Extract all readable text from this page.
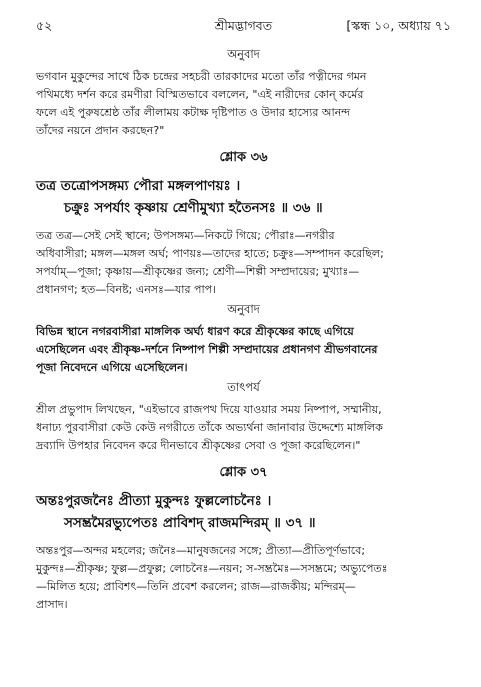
৫২	শ্রীমদ্ভাগবত	[স্কন্ধ ১০, অধ্যায় ৭১

অনুবাদ

ভগবান মুকুন্দের সাথে ঠিক চন্দ্রের সহচরী তারকাদের মতো তাঁর পত্নীদের গমন

পথিমধ্যে দর্শন করে রমণীরা বিস্মিতভাবে বললেন, "এই নারীদের কোন্ কর্মের

ফলে এই পুরুষশ্রেষ্ঠ তাঁর লীলাময় কটাক্ষ দৃষ্টিপাত ও উদার হাস্যের আনন্দ

তাঁদের নয়নে প্রদান করছেন?"

শ্লোক ৩৬

তত্র তত্রোপসঙ্গম্য পৌরা মঙ্গলপাণয়ঃ ।

চক্রুঃ সপর্যাং কৃষ্ণায় শ্রেণীমুখ্যা হতৈনসঃ ॥ ৩৬ ॥

তত্র তত্র—সেই সেই স্থানে; উপসঙ্গম্য—নিকটে গিয়ে; পৌরাঃ—নগরীর

অধিবাসীরা; মঙ্গল—মঙ্গল অর্ঘ; পাণয়ঃ—তাদের হাতে; চক্রুঃ—সম্পাদন করেছিল;

সপর্যাম্—পূজা; কৃষ্ণায়—শ্রীকৃষ্ণের জন্য; শ্রেণী—শিল্পী সম্প্রদায়ের; মুখ্যাঃ—

প্রধানগণ; হত—বিনষ্ট; এনসঃ—যার পাপ।

অনুবাদ

বিভিন্ন স্থানে নগরবাসীরা মাঙ্গলিক অর্ঘ্য ধারণ করে শ্রীকৃষ্ণের কাছে এগিয়ে

এসেছিলেন এবং শ্রীকৃষ্ণ-দর্শনে নিষ্পাপ শিল্পী সম্প্রদায়ের প্রধানগণ শ্রীভগবানের

পূজা নিবেদনে এগিয়ে এসেছিলেন।

তাৎপর্য

শ্রীল প্রভুপাদ লিখছেন, "এইভাবে রাজপথ দিয়ে যাওয়ার সময় নিষ্পাপ, সম্মানীয়,

ধনাঢ্য পুরবাসীরা কেউ কেউ নগরীতে তাঁকে অভ্যর্থনা জানাবার উদ্দেশ্যে মাঙ্গলিক

দ্রব্যাদি উপহার নিবেদন করে দীনভাবে শ্রীকৃষ্ণের সেবা ও পূজা করেছিলেন।"

শ্লোক ৩৭

অন্তঃপুরজনৈঃ প্রীত্যা মুকুন্দঃ ফুল্ললোচনৈঃ ।

সসম্ভ্রমৈরভ্যুপেতঃ প্রাবিশদ্ রাজমন্দিরম্ ॥ ৩৭ ॥

অন্তঃপুর—অন্দর মহলের; জনৈঃ—মানুষজনের সঙ্গে; প্রীত্যা—প্রীতিপূর্ণভাবে;

মুকুন্দঃ—শ্রীকৃষ্ণ; ফুল্ল—প্রফুল্ল; লোচনৈঃ—নয়ন; স-সম্ভ্রমৈঃ—সসম্ভ্রমে; অভ্যুপেতঃ

—মিলিত হয়ে; প্রাবিশৎ—তিনি প্রবেশ করলেন; রাজ—রাজকীয়; মন্দিরম্—

প্রাসাদ।
